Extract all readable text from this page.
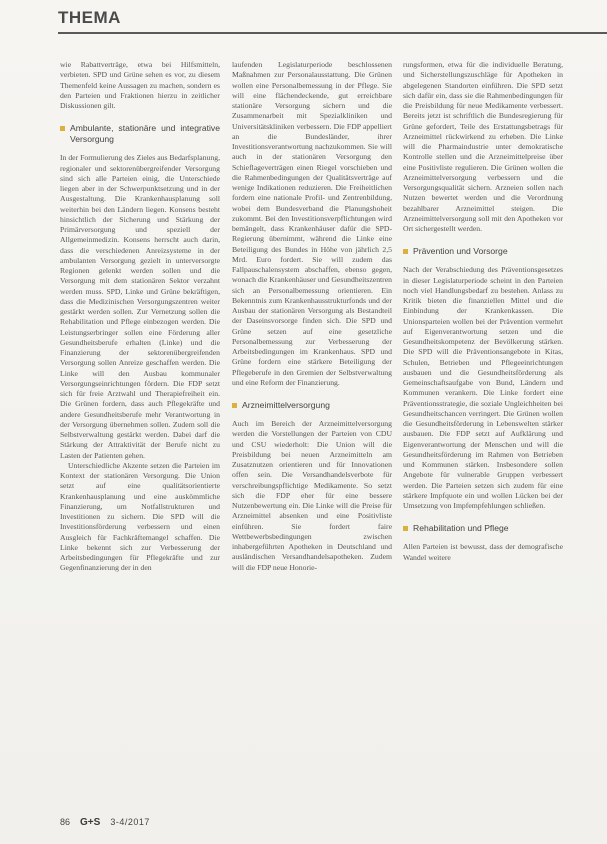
THEMA

wie Rabattverträge, etwa bei Hilfsmitteln, verbieten. SPD und Grüne sehen es vor, zu diesem Themenfeld keine Aussagen zu machen, sondern es den Parteien und Fraktionen hierzu in zeitlicher Diskussionen gilt.

Ambulante, stationäre und integrative Versorgung

In der Formulierung des Zieles aus Bedarfsplanung, regionaler und sektorenübergreifender Versorgung sind sich alle Parteien einig, die Unterschiede liegen aber in der Schwerpunktsetzung und in der Ausgestaltung. Die Krankenhausplanung soll weiterhin bei den Ländern liegen. Konsens besteht hinsichtlich der Sicherung und Stärkung der Primärversorgung und speziell der Allgemeinmedizin. Konsens herrscht auch darin, dass die verschiedenen Anreizsysteme in der ambulanten Versorgung gezielt in unterversorgte Regionen gelenkt werden sollen und die Versorgung mit dem stationären Sektor verzahnt werden muss. SPD, Linke und Grüne bekräftigen, dass die Medizinischen Versorgungszentren weiter gestärkt werden sollen. Zur Vernetzung sollen die Rehabilitation und Pflege einbezogen werden. Die Leistungserbringer sollen eine Förderung aller Gesundheitsberufe erhalten (Linke) und die Finanzierung der sektorenübergreifenden Versorgung sollen Anreize geschaffen werden. Die Linke will den Ausbau kommunaler Versorgungseinrichtungen fördern. Die FDP setzt sich für freie Arztwahl und Therapiefreiheit ein. Die Grünen fordern, dass auch Pflegekräfte und andere Gesundheitsberufe mehr Verantwortung in der Versorgung übernehmen sollen. Zudem soll die Selbstverwaltung gestärkt werden. Dabei darf die Stärkung der Attraktivität der Berufe nicht zu Lasten der Patienten gehen.

Unterschiedliche Akzente setzen die Parteien im Kontext der stationären Versorgung. Die Union setzt auf eine qualitätsorientierte Krankenhausplanung und eine auskömmliche Finanzierung, um Notfallstrukturen und Investitionen zu sichern. Die SPD will die Investitionsförderung verbessern und einen Ausgleich für Fachkräftemangel schaffen. Die Linke bekennt sich zur Verbesserung der Arbeitsbedingungen für Pflegekräfte und zur Gegenfinanzierung der in den

laufenden Legislaturperiode beschlossenen Maßnahmen zur Personalausstattung. Die Grünen wollen eine Personalbemessung in der Pflege. Sie will eine flächendeckende, gut erreichbare stationäre Versorgung sichern und die Zusammenarbeit mit Spezialkliniken und Universitätskliniken verbessern. Die FDP appelliert an die Bundesländer, ihrer Investitionsverantwortung nachzukommen. Sie will auch in der stationären Versorgung den Schieflageverträgen einen Riegel vorschieben und die Rahmenbedingungen der Qualitätsverträge auf wenige Indikationen reduzieren. Die Freiheitlichen fordern eine nationale Profil- und Zentrenbildung, wobei dem Bundesverband die Planungshoheit zukommt. Bei den Investitionsverpflichtungen wird bemängelt, dass Krankenhäuser dafür die SPD-Regierung übernimmt, während die Linke eine Beteiligung des Bundes in Höhe von jährlich 2,5 Mrd. Euro fordert. Sie will zudem das Fallpauschalensystem abschaffen, ebenso gegen, wonach die Krankenhäuser und Gesundheitszentren sich an Personalbemessung orientieren. Ein Bekenntnis zum Krankenhausstrukturfonds und der Ausbau der stationären Versorgung als Bestandteil der Daseinsvorsorge finden sich. Die SPD und Grüne setzen auf eine gesetzliche Personalbemessung zur Verbesserung der Arbeitsbedingungen im Krankenhaus. SPD und Grüne fordern eine stärkere Beteiligung der Pflegeberufe in den Gremien der Selbstverwaltung und eine Reform der Finanzierung.

Arzneimittelversorgung

Auch im Bereich der Arzneimittelversorgung werden die Vorstellungen der Parteien von CDU und CSU wiederholt: Die Union will die Preisbildung bei neuen Arzneimitteln am Zusatznutzen orientieren und für Innovationen offen sein. Die Versandhandelsverbote für verschreibungspflichtige Medikamente. So setzt sich die FDP eher für eine bessere Nutzenbewertung ein. Die Linke will die Preise für Arzneimittel absenken und eine Positivliste einführen. Sie fordert faire Wettbewerbsbedingungen zwischen inhabergeführten Apotheken in Deutschland und ausländischen Versandhandelsapotheken. Zudem will die FDP neue Honorie-

rungsformen, etwa für die individuelle Beratung, und Sicherstellungszuschläge für Apotheken in abgelegenen Standorten einführen. Die SPD setzt sich dafür ein, dass sie die Rahmenbedingungen für die Preisbildung für neue Medikamente verbessert. Bereits jetzt ist schriftlich die Bundesregierung für Grüne gefordert, Teile des Erstattungsbetrags für Arzneimittel rückwirkend zu erheben. Die Linke will die Pharmaindustrie unter demokratische Kontrolle stellen und die Arzneimittelpreise über eine Positivliste regulieren. Die Grünen wollen die Arzneimittelversorgung verbessern und die Versorgungsqualität sichern. Arzneien sollen nach Nutzen bewertet werden und die Verordnung bezahlbarer Arzneimittel steigen. Die Arzneimittelversorgung soll mit den Apotheken vor Ort sichergestellt werden.

Prävention und Vorsorge

Nach der Verabschiedung des Präventionsgesetzes in dieser Legislaturperiode scheint in den Parteien noch viel Handlungsbedarf zu bestehen. Anlass zu Kritik bieten die finanziellen Mittel und die Einbindung der Krankenkassen. Die Unionsparteien wollen bei der Prävention vermehrt auf Eigenverantwortung setzen und die Gesundheitskompetenz der Bevölkerung stärken. Die SPD will die Präventionsangebote in Kitas, Schulen, Betrieben und Pflegeeinrichtungen ausbauen und die Gesundheitsförderung als Gemeinschaftsaufgabe von Bund, Ländern und Kommunen verankern. Die Linke fordert eine Präventionsstrategie, die soziale Ungleichheiten bei Gesundheitschancen verringert. Die Grünen wollen die Gesundheitsförderung in Lebenswelten stärker ausbauen. Die FDP setzt auf Aufklärung und Eigenverantwortung der Menschen und will die Gesundheitsförderung im Rahmen von Betrieben und Kommunen stärken. Insbesondere sollen Angebote für vulnerable Gruppen verbessert werden. Die Parteien setzen sich zudem für eine stärkere Impfquote ein und wollen Lücken bei der Umsetzung von Impfempfehlungen schließen.

Rehabilitation und Pflege

Allen Parteien ist bewusst, dass der demografische Wandel weitere

86 G+S 3-4/2017
